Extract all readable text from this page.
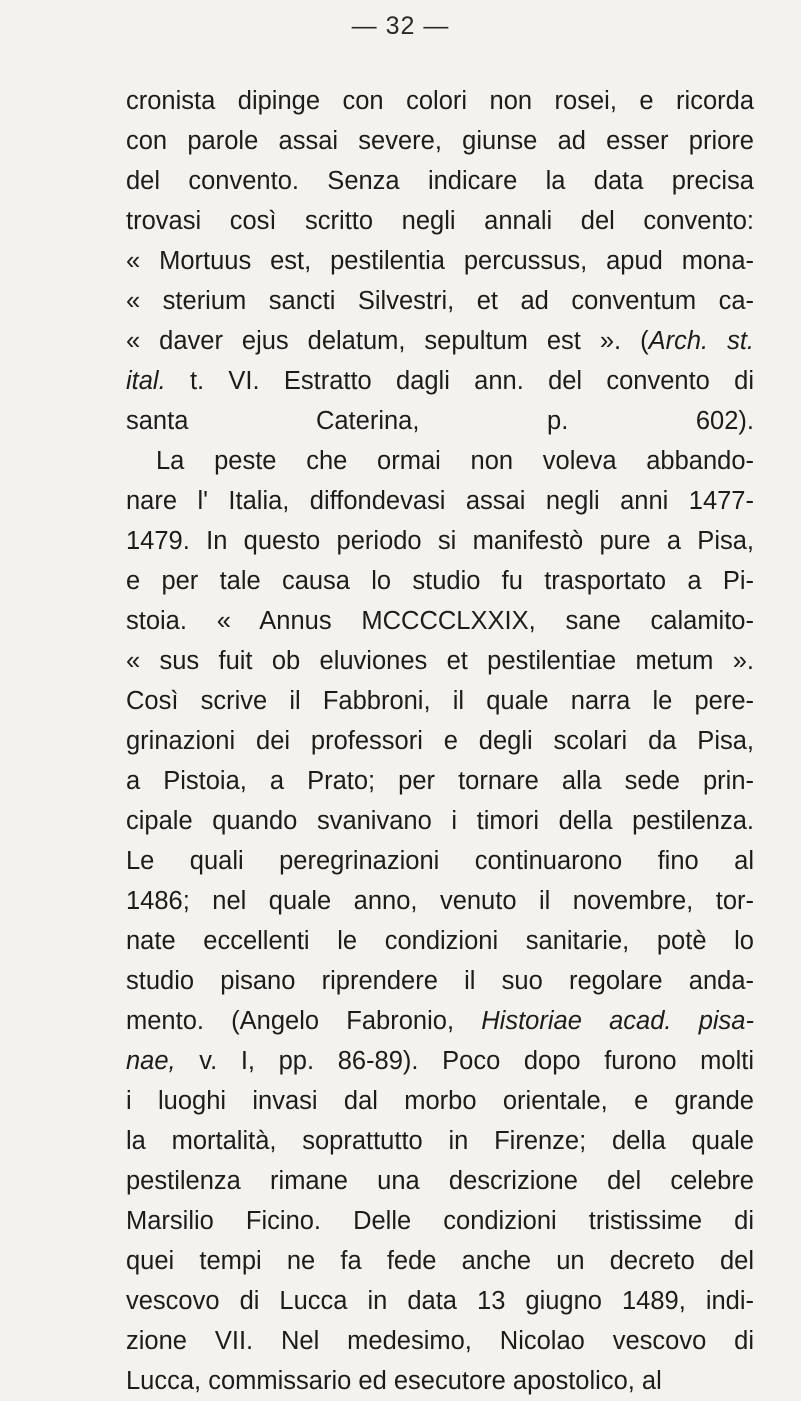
— 32 —
cronista dipinge con colori non rosei, e ricorda
con parole assai severe, giunse ad esser priore
del convento. Senza indicare la data precisa
trovasi così scritto negli annali del convento:
« Mortuus est, pestilentia percussus, apud mona-
« sterium sancti Silvestri, et ad conventum ca-
« daver ejus delatum, sepultum est ». (Arch. st.
ital. t. VI. Estratto dagli ann. del convento di
santa Caterina, p. 602).
La peste che ormai non voleva abbando-
nare l' Italia, diffondevasi assai negli anni 1477-
1479. In questo periodo si manifestò pure a Pisa,
e per tale causa lo studio fu trasportato a Pi-
stoia. « Annus MCCCCLXXIX, sane calamito-
« sus fuit ob eluviones et pestilentiae metum ».
Così scrive il Fabbroni, il quale narra le pere-
grinazioni dei professori e degli scolari da Pisa,
a Pistoia, a Prato; per tornare alla sede prin-
cipale quando svanivano i timori della pestilenza.
Le quali peregrinazioni continuarono fino al
1486; nel quale anno, venuto il novembre, tor-
nate eccellenti le condizioni sanitarie, potè lo
studio pisano riprendere il suo regolare anda-
mento. (Angelo Fabronio, Historiae acad. pisa-
nae, v. I, pp. 86-89). Poco dopo furono molti
i luoghi invasi dal morbo orientale, e grande
la mortalità, soprattutto in Firenze; della quale
pestilenza rimane una descrizione del celebre
Marsilio Ficino. Delle condizioni tristissime di
quei tempi ne fa fede anche un decreto del
vescovo di Lucca in data 13 giugno 1489, indi-
zione VII. Nel medesimo, Nicolao vescovo di
Lucca, commissario ed esecutore apostolico, al
